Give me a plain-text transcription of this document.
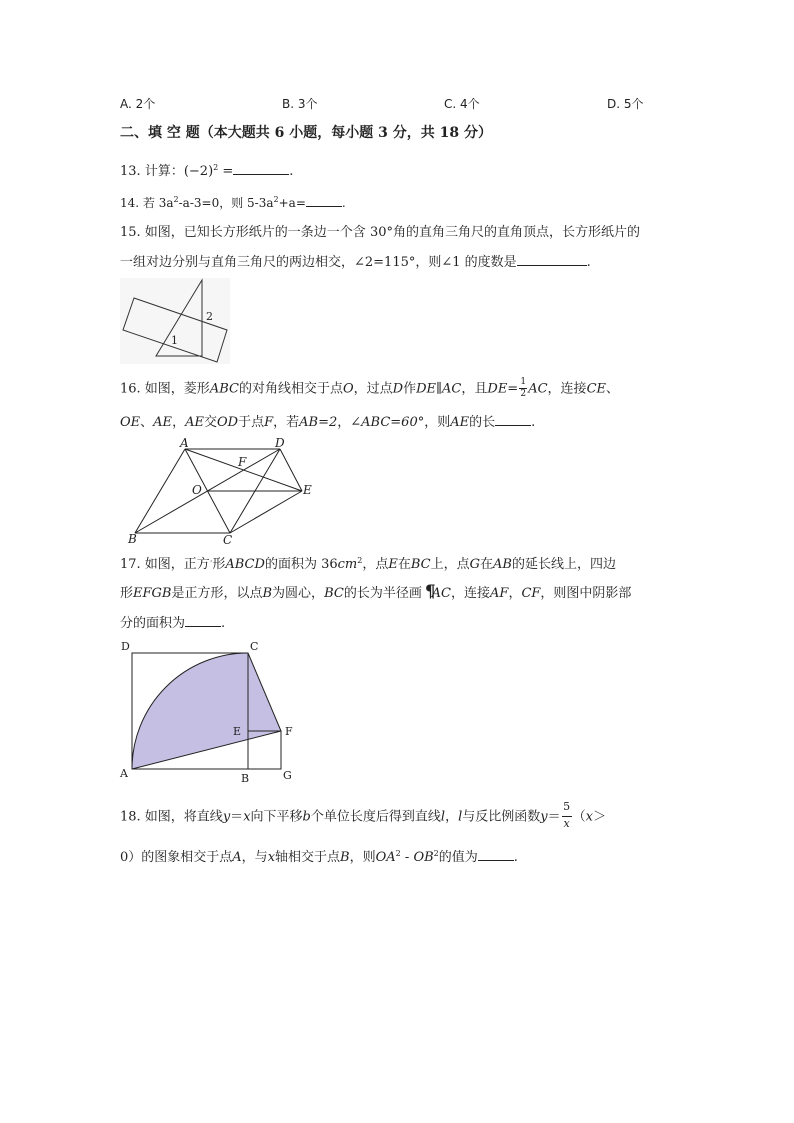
A. 2个	B. 3个	C. 4个	D. 5个
二、填 空 题（本大题共 6 小题，每小题 3 分，共 18 分）
13. 计算：$(-2)^2$ =	.
14. 若 $3a^2-a-3=0$，则 $5-3a^2+a=$	.
15. 如图，已知长方形纸片的一条边一个含 30°角的直角三角尺的直角顶点，长方形纸片的
一组对边分别与直角三角尺的两边相交，∠2=115°，则∠1 的度数是	.
2
1
16. 如图，菱形ABC的对角线相交于点O，过点D作DE∥AC，且$DE= \frac{1}{2}$ AC，连接CE、
OE、AE，AE交OD于点F，若AB=2，∠ABC=60°，则AE的长	.
A	D
F
O	E
B	C
17. 如图，正方·形ABCD的面积为 $36cm^2$，点E在BC上，点G在AB的延长线上，四边
形EFGB是正方形，以点B为圆心，BC的长为半径画 ¶AC，连接AF，CF，则图中阴影部
分的面积为	.
D	C
E	F
A	B	G
18. 如图，将直线y＝x向下平移b个单位长度后得到直线l，l与反比例函数$y= \frac{5}{x} (x>$
0）的图象相交于点A，与x轴相交于点B，则$OA^2 - OB^2$的值为	.
